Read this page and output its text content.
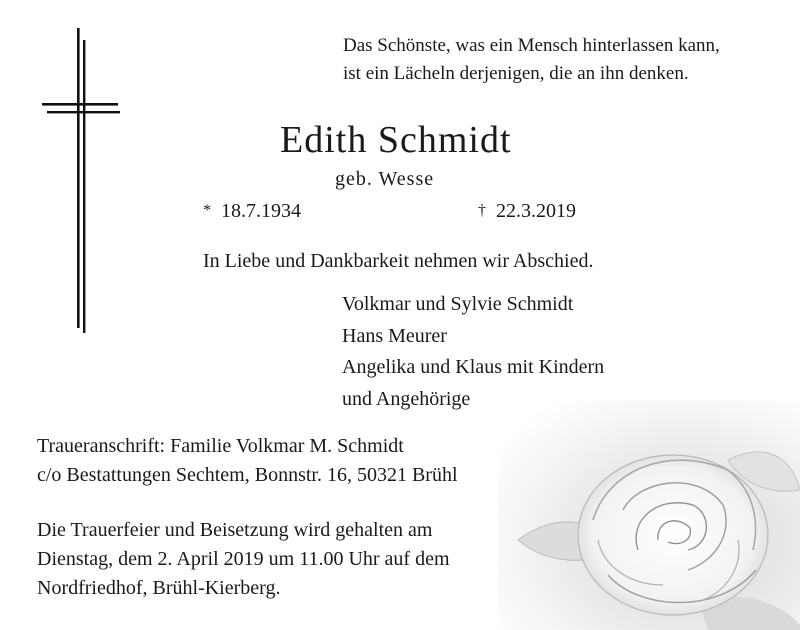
Das Schönste, was ein Mensch hinterlassen kann,
ist ein Lächeln derjenigen, die an ihn denken.
Edith Schmidt
geb. Wesse
* 18.7.1934	† 22.3.2019
In Liebe und Dankbarkeit nehmen wir Abschied.
Volkmar und Sylvie Schmidt
Hans Meurer
Angelika und Klaus mit Kindern
und Angehörige
Traueranschrift: Familie Volkmar M. Schmidt
c/o Bestattungen Sechtem, Bonnstr. 16, 50321 Brühl
Die Trauerfeier und Beisetzung wird gehalten am
Dienstag, dem 2. April 2019 um 11.00 Uhr auf dem
Nordfriedhof, Brühl-Kierberg.
